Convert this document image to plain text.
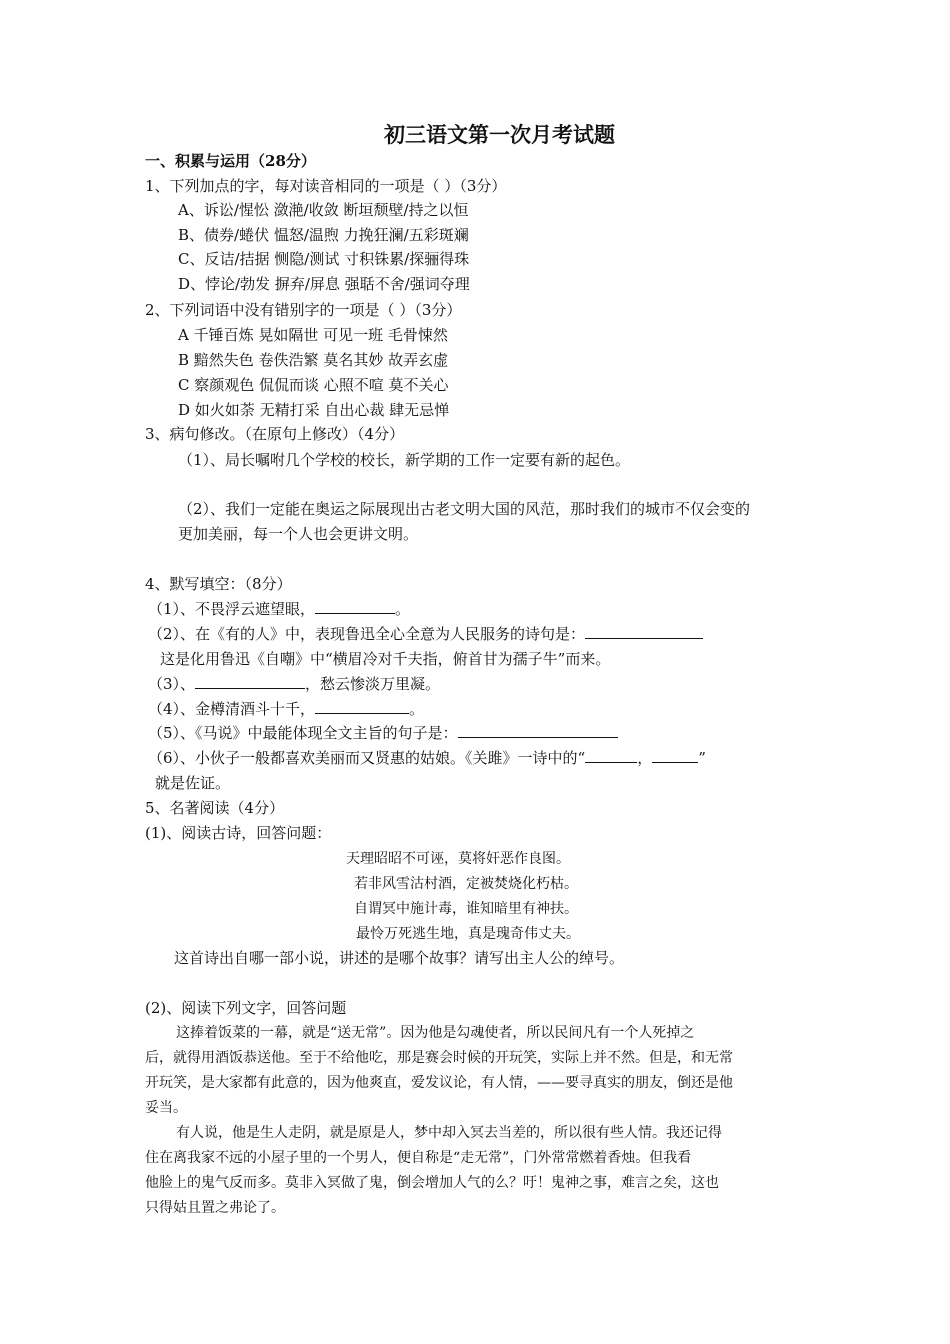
初三语文第一次月考试题
一、积累与运用（28分）
1、下列加点的字，每对读音相同的一项是（ ）（3分）
A、诉讼/惺忪 潋滟/收敛 断垣颓壁/持之以恒
B、债券/蜷伏 愠怒/温煦 力挽狂澜/五彩斑斓
C、反诘/拮据 恻隐/测试 寸积铢累/探骊得珠
D、悖论/勃发 摒弃/屏息 强聒不舍/强词夺理
2、下列词语中没有错别字的一项是（ ）（3分）
A 千锤百炼 晃如隔世 可见一班 毛骨悚然
B 黯然失色 卷佚浩繁 莫名其妙 故弄玄虚
C 察颜观色 侃侃而谈 心照不喧 莫不关心
D 如火如荼 无精打采 自出心裁 肆无忌惮
3、病句修改。（在原句上修改）（4分）
（1）、局长嘱咐几个学校的校长，新学期的工作一定要有新的起色。
（2）、我们一定能在奥运之际展现出古老文明大国的风范，那时我们的城市不仅会变的
更加美丽，每一个人也会更讲文明。
4、默写填空：（8分）
（1）、不畏浮云遮望眼，	。
（2）、在《有的人》中，表现鲁迅全心全意为人民服务的诗句是：
这是化用鲁迅《自嘲》中“横眉冷对千夫指，俯首甘为孺子牛”而来。
（3）、	，愁云惨淡万里凝。
（4）、金樽清酒斗十千，	。
（5）、《马说》中最能体现全文主旨的句子是：
（6）、小伙子一般都喜欢美丽而又贤惠的姑娘。《关雎》一诗中的“	，	”
就是佐证。
5、名著阅读（4分）
(1)、阅读古诗，回答问题：
天理昭昭不可诬，莫将奸恶作良图。
若非风雪沽村酒，定被焚烧化朽枯。
自谓冥中施计毒，谁知暗里有神扶。
最怜万死逃生地，真是瑰奇伟丈夫。
这首诗出自哪一部小说，讲述的是哪个故事？请写出主人公的绰号。
(2)、阅读下列文字，回答问题
这捧着饭菜的一幕，就是“送无常”。因为他是勾魂使者，所以民间凡有一个人死掉之
后，就得用酒饭恭送他。至于不给他吃，那是赛会时候的开玩笑，实际上并不然。但是，和无常
开玩笑，是大家都有此意的，因为他爽直，爱发议论，有人情，——要寻真实的朋友，倒还是他
妥当。
有人说，他是生人走阴，就是原是人，梦中却入冥去当差的，所以很有些人情。我还记得
住在离我家不远的小屋子里的一个男人，便自称是“走无常”，门外常常燃着香烛。但我看
他脸上的鬼气反而多。莫非入冥做了鬼，倒会增加人气的么？吁！鬼神之事，难言之矣，这也
只得姑且置之弗论了。
